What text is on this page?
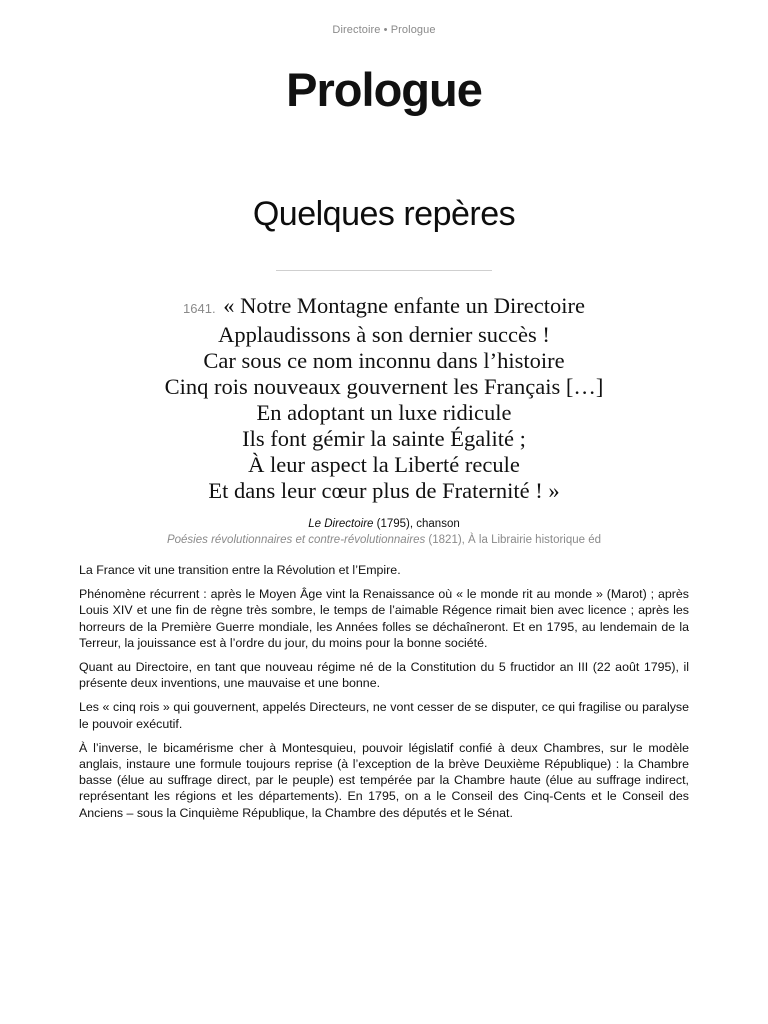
Directoire • Prologue
Prologue
Quelques repères
1641. « Notre Montagne enfante un Directoire
Applaudissons à son dernier succès !
Car sous ce nom inconnu dans l’histoire
Cinq rois nouveaux gouvernent les Français […]
En adoptant un luxe ridicule
Ils font gémir la sainte Égalité ;
À leur aspect la Liberté recule
Et dans leur cœur plus de Fraternité ! »
Le Directoire (1795), chanson
Poésies révolutionnaires et contre-révolutionnaires (1821), À la Librairie historique éd

La France vit une transition entre la Révolution et l’Empire.

Phénomène récurrent : après le Moyen Âge vint la Renaissance où « le monde rit au monde » (Marot) ; après Louis XIV et une fin de règne très sombre, le temps de l’aimable Régence rimait bien avec licence ; après les horreurs de la Première Guerre mondiale, les Années folles se déchaîneront. Et en 1795, au lendemain de la Terreur, la jouissance est à l’ordre du jour, du moins pour la bonne société.

Quant au Directoire, en tant que nouveau régime né de la Constitution du 5 fructidor an III (22 août 1795), il présente deux inventions, une mauvaise et une bonne.

Les « cinq rois » qui gouvernent, appelés Directeurs, ne vont cesser de se disputer, ce qui fragilise ou paralyse le pouvoir exécutif.

À l’inverse, le bicamérisme cher à Montesquieu, pouvoir législatif confié à deux Chambres, sur le modèle anglais, instaure une formule toujours reprise (à l’exception de la brève Deuxième République) : la Chambre basse (élue au suffrage direct, par le peuple) est tempérée par la Chambre haute (élue au suffrage indirect, représentant les régions et les départements). En 1795, on a le Conseil des Cinq-Cents et le Conseil des Anciens – sous la Cinquième République, la Chambre des députés et le Sénat.
